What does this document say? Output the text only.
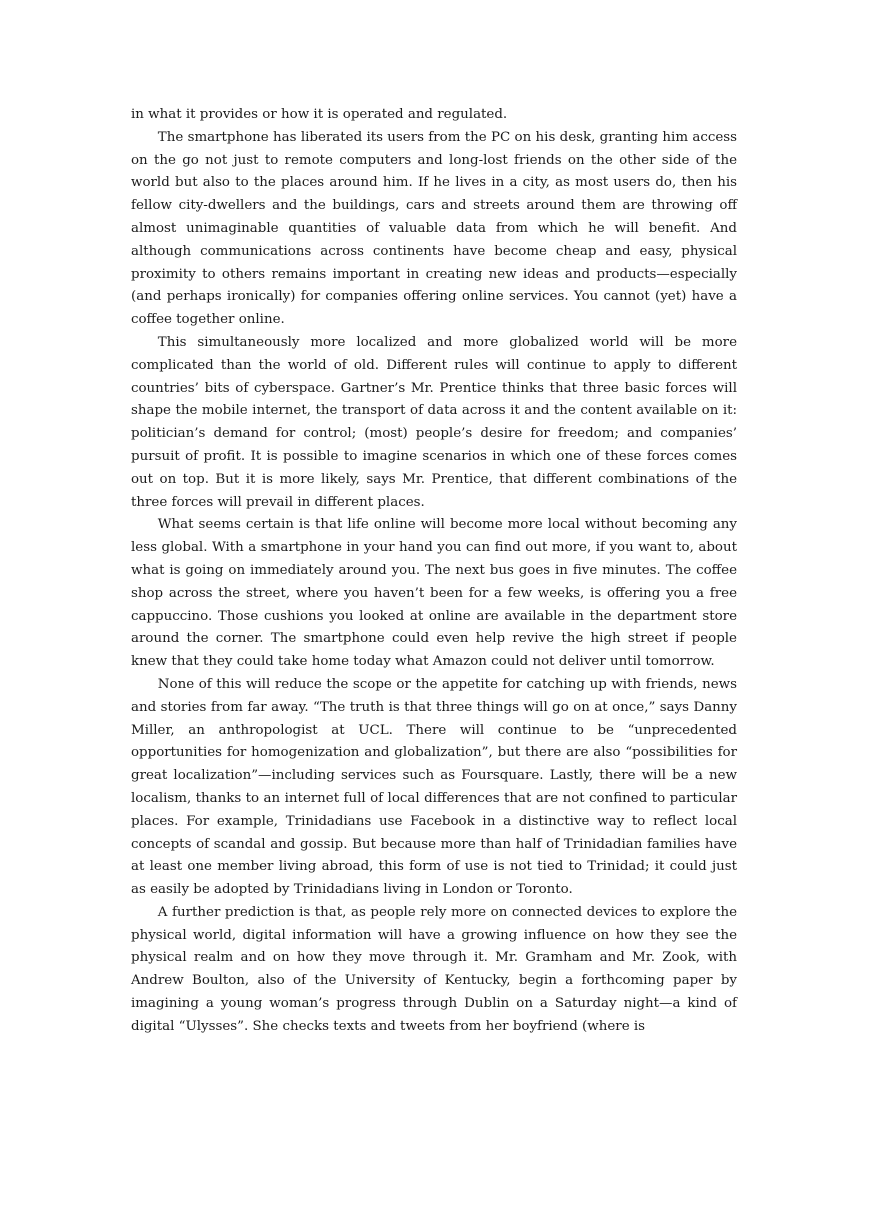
in what it provides or how it is operated and regulated.

The smartphone has liberated its users from the PC on his desk, granting him access on the go not just to remote computers and long-lost friends on the other side of the world but also to the places around him. If he lives in a city, as most users do, then his fellow city-dwellers and the buildings, cars and streets around them are throwing off almost unimaginable quantities of valuable data from which he will benefit. And although communications across continents have become cheap and easy, physical proximity to others remains important in creating new ideas and products—especially (and perhaps ironically) for companies offering online services. You cannot (yet) have a coffee together online.

This simultaneously more localized and more globalized world will be more complicated than the world of old. Different rules will continue to apply to different countries’ bits of cyberspace. Gartner’s Mr. Prentice thinks that three basic forces will shape the mobile internet, the transport of data across it and the content available on it: politician’s demand for control; (most) people’s desire for freedom; and companies’ pursuit of profit. It is possible to imagine scenarios in which one of these forces comes out on top. But it is more likely, says Mr. Prentice, that different combinations of the three forces will prevail in different places.

What seems certain is that life online will become more local without becoming any less global. With a smartphone in your hand you can find out more, if you want to, about what is going on immediately around you. The next bus goes in five minutes. The coffee shop across the street, where you haven’t been for a few weeks, is offering you a free cappuccino. Those cushions you looked at online are available in the department store around the corner. The smartphone could even help revive the high street if people knew that they could take home today what Amazon could not deliver until tomorrow.

None of this will reduce the scope or the appetite for catching up with friends, news and stories from far away. “The truth is that three things will go on at once,” says Danny Miller, an anthropologist at UCL. There will continue to be “unprecedented opportunities for homogenization and globalization”, but there are also “possibilities for great localization”—including services such as Foursquare. Lastly, there will be a new localism, thanks to an internet full of local differences that are not confined to particular places. For example, Trinidadians use Facebook in a distinctive way to reflect local concepts of scandal and gossip. But because more than half of Trinidadian families have at least one member living abroad, this form of use is not tied to Trinidad; it could just as easily be adopted by Trinidadians living in London or Toronto.

A further prediction is that, as people rely more on connected devices to explore the physical world, digital information will have a growing influence on how they see the physical realm and on how they move through it. Mr. Gramham and Mr. Zook, with Andrew Boulton, also of the University of Kentucky, begin a forthcoming paper by imagining a young woman’s progress through Dublin on a Saturday night—a kind of digital “Ulysses”. She checks texts and tweets from her boyfriend (where is
